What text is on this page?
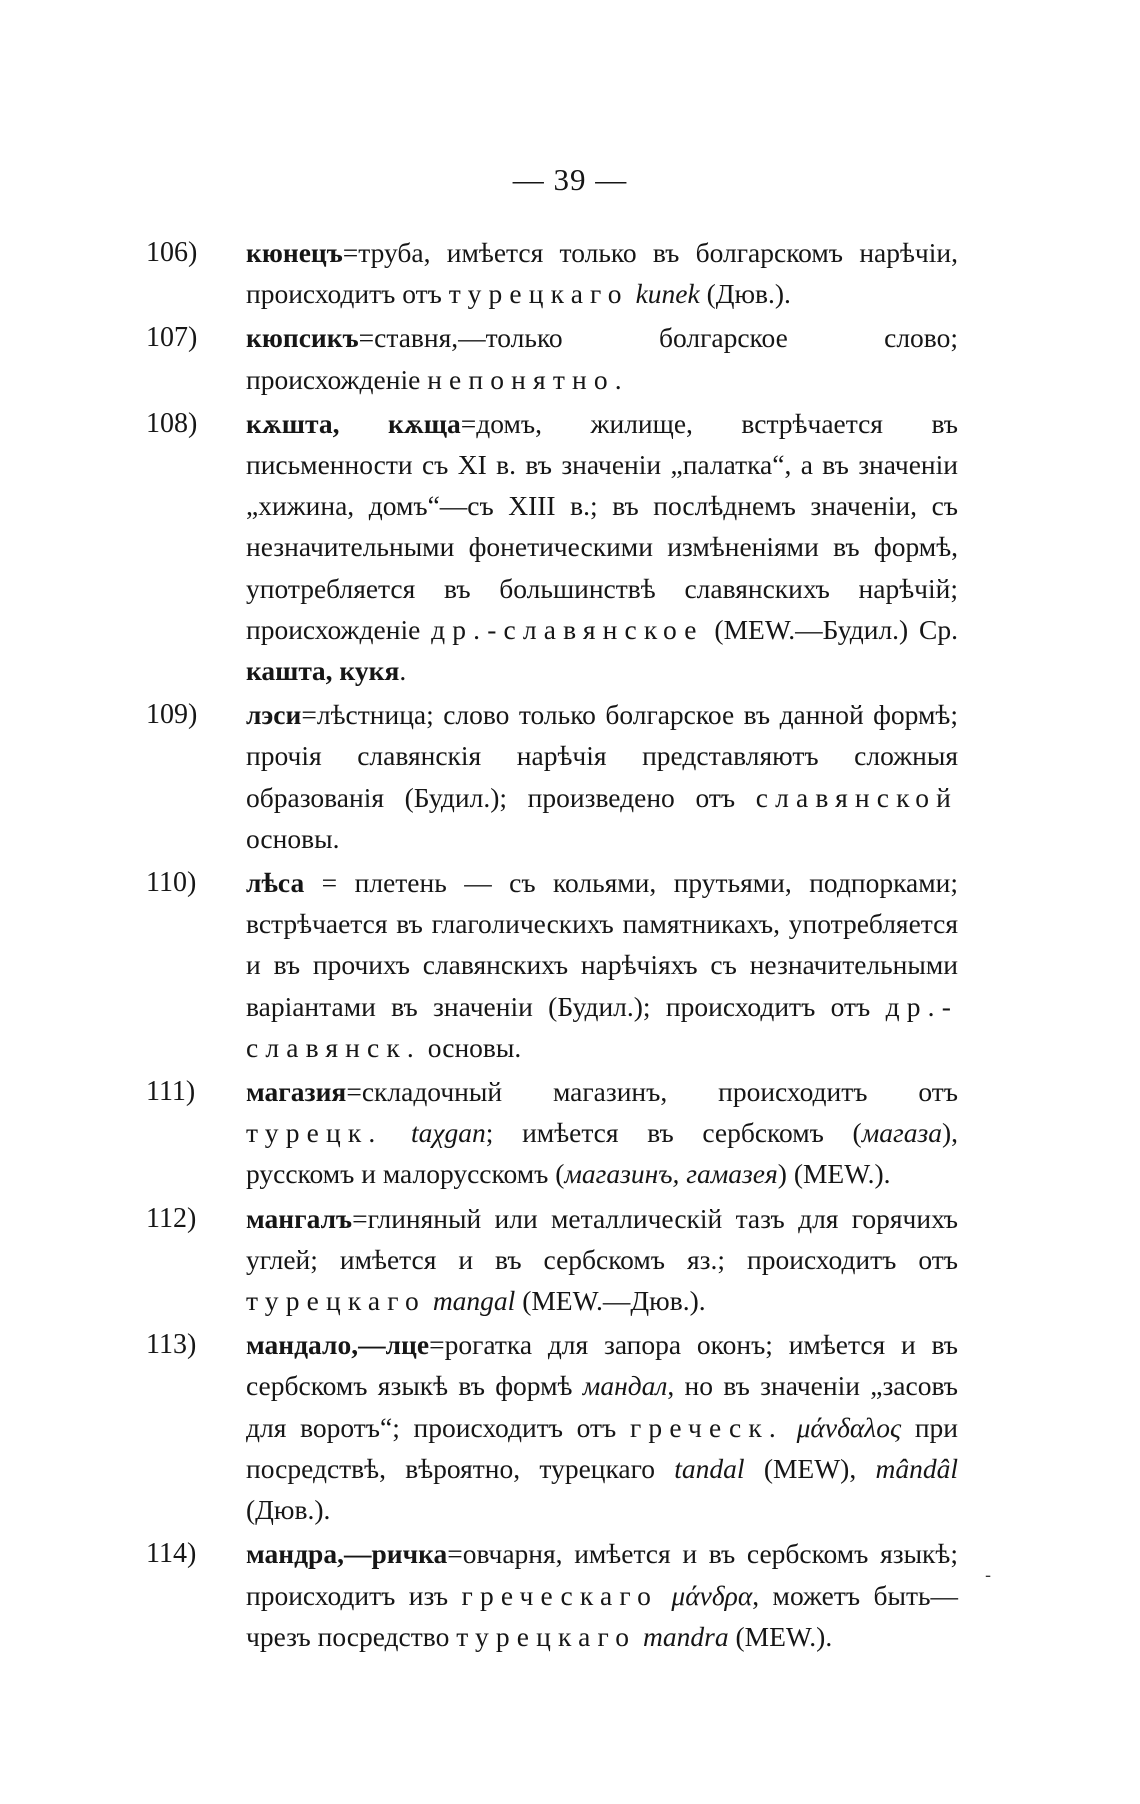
— 39 —
106) кюнецъ=труба, имѣется только въ болгарскомъ нарѣчіи, происходитъ отъ турецкаго kunek (Дюв.).
107) кюпсикъ=ставня,—только болгарское слово; происхожденіе непонятно.
108) кѫшта, кѫща=домъ, жилище, встрѣчается въ письменности съ XI в. въ значеніи „палатка“, а въ значеніи „хижина, домъ“—съ XIII в.; въ послѣднемъ значеніи, съ незначительными фонетическими измѣненіями въ формѣ, употребляется въ большинствѣ славянскихъ нарѣчій; происхожденіе др.-славянское (MEW.—Будил.) Ср. каштa, кукя.
109) лэси=лѣстница; слово только болгарское въ данной формѣ; прочія славянскія нарѣчія представляютъ сложныя образованія (Будил.); произведено отъ славянской основы.
110) лѣса = плетень — съ кольями, прутьями, подпорками; встрѣчается въ глаголическихъ памятникахъ, употребляется и въ прочихъ славянскихъ нарѣчіяхъ съ незначительными варіантами въ значеніи (Будил.); происходитъ отъ др.-славянск. основы.
111) магазия=складочный магазинъ, происходитъ отъ турецк. taχgan; имѣется въ сербскомъ (магаза), русскомъ и малорусскомъ (магазинъ, гамазея) (MEW.).
112) мангалъ=глиняный или металлическій тазъ для горячихъ углей; имѣется и въ сербскомъ яз.; происходитъ отъ турецкаго mangal (MEW.—Дюв.).
113) мандало,—лце=рогатка для запора оконъ; имѣется и въ сербскомъ языкѣ въ формѣ мандал, но въ значеніи „засовъ для воротъ“; происходитъ отъ греческ. μάνδαλος при посредствѣ, вѣроятно, турецкаго tandal (MEW), mândâl (Дюв.).
114) мандра,—ричка=овчарня, имѣется и въ сербскомъ языкѣ; происходитъ изъ греческаго μάνδρα, можетъ быть—чрезъ посредство турецкаго mandra (MEW.).
‐
